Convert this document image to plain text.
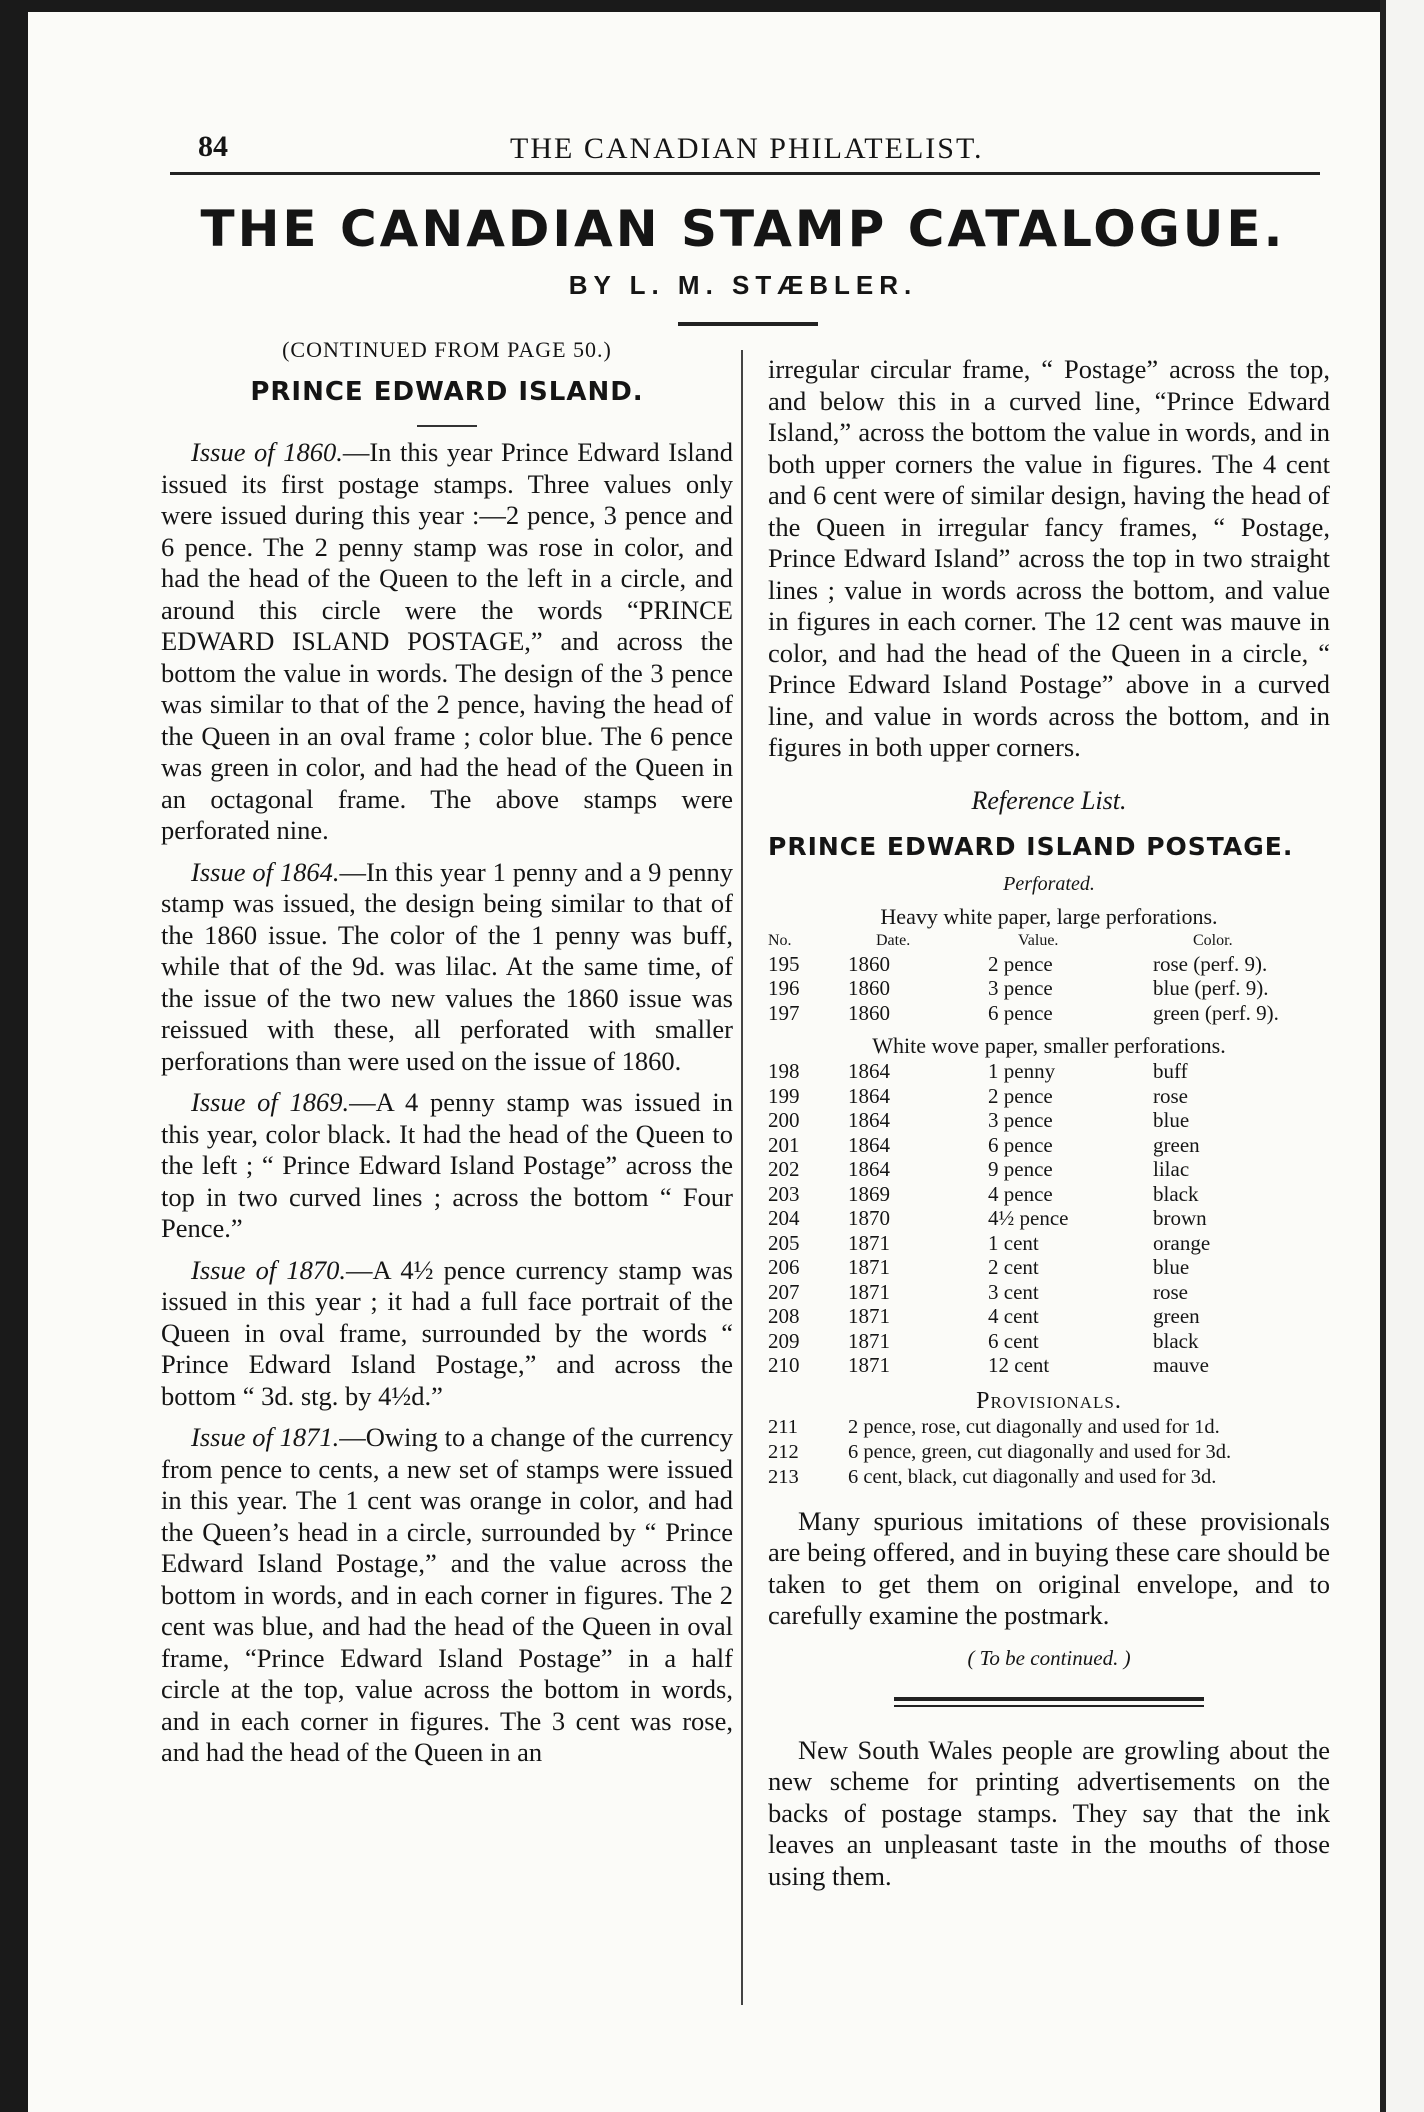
84	THE CANADIAN PHILATELIST.
THE CANADIAN STAMP CATALOGUE.
BY L. M. STÆBLER.
(CONTINUED FROM PAGE 50.)
PRINCE EDWARD ISLAND.

Issue of 1860.—In this year Prince Edward Island issued its first postage stamps. Three values only were issued during this year :—2 pence, 3 pence and 6 pence. The 2 penny stamp was rose in color, and had the head of the Queen to the left in a circle, and around this circle were the words “PRINCE EDWARD ISLAND POSTAGE,” and across the bottom the value in words. The design of the 3 pence was similar to that of the 2 pence, having the head of the Queen in an oval frame ; color blue. The 6 pence was green in color, and had the head of the Queen in an octagonal frame. The above stamps were perforated nine.

Issue of 1864.—In this year 1 penny and a 9 penny stamp was issued, the design being similar to that of the 1860 issue. The color of the 1 penny was buff, while that of the 9d. was lilac. At the same time, of the issue of the two new values the 1860 issue was reissued with these, all perforated with smaller perforations than were used on the issue of 1860.

Issue of 1869.—A 4 penny stamp was issued in this year, color black. It had the head of the Queen to the left ; “ Prince Edward Island Postage” across the top in two curved lines ; across the bottom “ Four Pence.”

Issue of 1870.—A 4½ pence currency stamp was issued in this year ; it had a full face portrait of the Queen in oval frame, surrounded by the words “ Prince Edward Island Postage,” and across the bottom “ 3d. stg. by 4½d.”

Issue of 1871.—Owing to a change of the currency from pence to cents, a new set of stamps were issued in this year. The 1 cent was orange in color, and had the Queen’s head in a circle, surrounded by “ Prince Edward Island Postage,” and the value across the bottom in words, and in each corner in figures. The 2 cent was blue, and had the head of the Queen in oval frame, “Prince Edward Island Postage” in a half circle at the top, value across the bottom in words, and in each corner in figures. The 3 cent was rose, and had the head of the Queen in an

irregular circular frame, “ Postage” across the top, and below this in a curved line, “Prince Edward Island,” across the bottom the value in words, and in both upper corners the value in figures. The 4 cent and 6 cent were of similar design, having the head of the Queen in irregular fancy frames, “ Postage, Prince Edward Island” across the top in two straight lines ; value in words across the bottom, and value in figures in each corner. The 12 cent was mauve in color, and had the head of the Queen in a circle, “ Prince Edward Island Postage” above in a curved line, and value in words across the bottom, and in figures in both upper corners.

Reference List.
PRINCE EDWARD ISLAND POSTAGE.
Perforated.
Heavy white paper, large perforations.
No.	Date.	Value.	Color.
195	1860	2 pence	rose (perf. 9).
196	1860	3 pence	blue (perf. 9).
197	1860	6 pence	green (perf. 9).
White wove paper, smaller perforations.
198	1864	1 penny	buff
199	1864	2 pence	rose
200	1864	3 pence	blue
201	1864	6 pence	green
202	1864	9 pence	lilac
203	1869	4 pence	black
204	1870	4½ pence	brown
205	1871	1 cent	orange
206	1871	2 cent	blue
207	1871	3 cent	rose
208	1871	4 cent	green
209	1871	6 cent	black
210	1871	12 cent	mauve
Provisionals.
211	2 pence, rose, cut diagonally and used for 1d.
212	6 pence, green, cut diagonally and used for 3d.
213	6 cent, black, cut diagonally and used for 3d.

Many spurious imitations of these provisionals are being offered, and in buying these care should be taken to get them on original envelope, and to carefully examine the postmark.

( To be continued. )

New South Wales people are growling about the new scheme for printing advertisements on the backs of postage stamps. They say that the ink leaves an unpleasant taste in the mouths of those using them.
